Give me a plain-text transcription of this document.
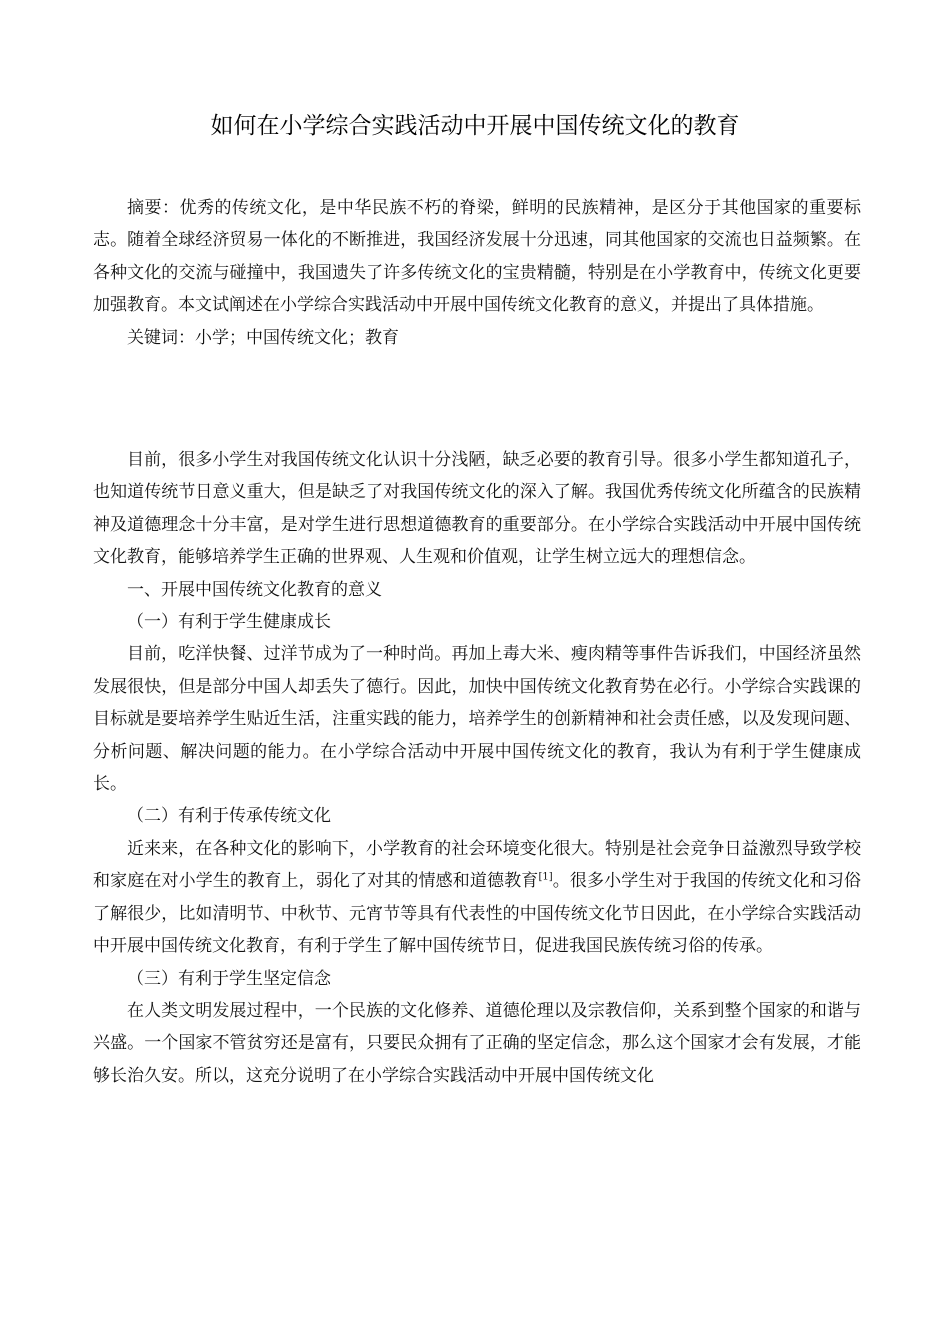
如何在小学综合实践活动中开展中国传统文化的教育

摘要：优秀的传统文化，是中华民族不朽的脊梁，鲜明的民族精神，是区分于其他国家的重要标志。随着全球经济贸易一体化的不断推进，我国经济发展十分迅速，同其他国家的交流也日益频繁。在各种文化的交流与碰撞中，我国遗失了许多传统文化的宝贵精髓，特别是在小学教育中，传统文化更要加强教育。本文试阐述在小学综合实践活动中开展中国传统文化教育的意义，并提出了具体措施。

关键词：小学；中国传统文化；教育

目前，很多小学生对我国传统文化认识十分浅陋，缺乏必要的教育引导。很多小学生都知道孔子，也知道传统节日意义重大，但是缺乏了对我国传统文化的深入了解。我国优秀传统文化所蕴含的民族精神及道德理念十分丰富，是对学生进行思想道德教育的重要部分。在小学综合实践活动中开展中国传统文化教育，能够培养学生正确的世界观、人生观和价值观，让学生树立远大的理想信念。

一、开展中国传统文化教育的意义

（一）有利于学生健康成长

目前，吃洋快餐、过洋节成为了一种时尚。再加上毒大米、瘦肉精等事件告诉我们，中国经济虽然发展很快，但是部分中国人却丢失了德行。因此，加快中国传统文化教育势在必行。小学综合实践课的目标就是要培养学生贴近生活，注重实践的能力，培养学生的创新精神和社会责任感，以及发现问题、分析问题、解决问题的能力。在小学综合活动中开展中国传统文化的教育，我认为有利于学生健康成长。

（二）有利于传承传统文化

近来来，在各种文化的影响下，小学教育的社会环境变化很大。特别是社会竞争日益激烈导致学校和家庭在对小学生的教育上，弱化了对其的情感和道德教育[1]。很多小学生对于我国的传统文化和习俗了解很少，比如清明节、中秋节、元宵节等具有代表性的中国传统文化节日因此，在小学综合实践活动中开展中国传统文化教育，有利于学生了解中国传统节日，促进我国民族传统习俗的传承。

（三）有利于学生坚定信念

在人类文明发展过程中，一个民族的文化修养、道德伦理以及宗教信仰，关系到整个国家的和谐与兴盛。一个国家不管贫穷还是富有，只要民众拥有了正确的坚定信念，那么这个国家才会有发展，才能够长治久安。所以，这充分说明了在小学综合实践活动中开展中国传统文化
